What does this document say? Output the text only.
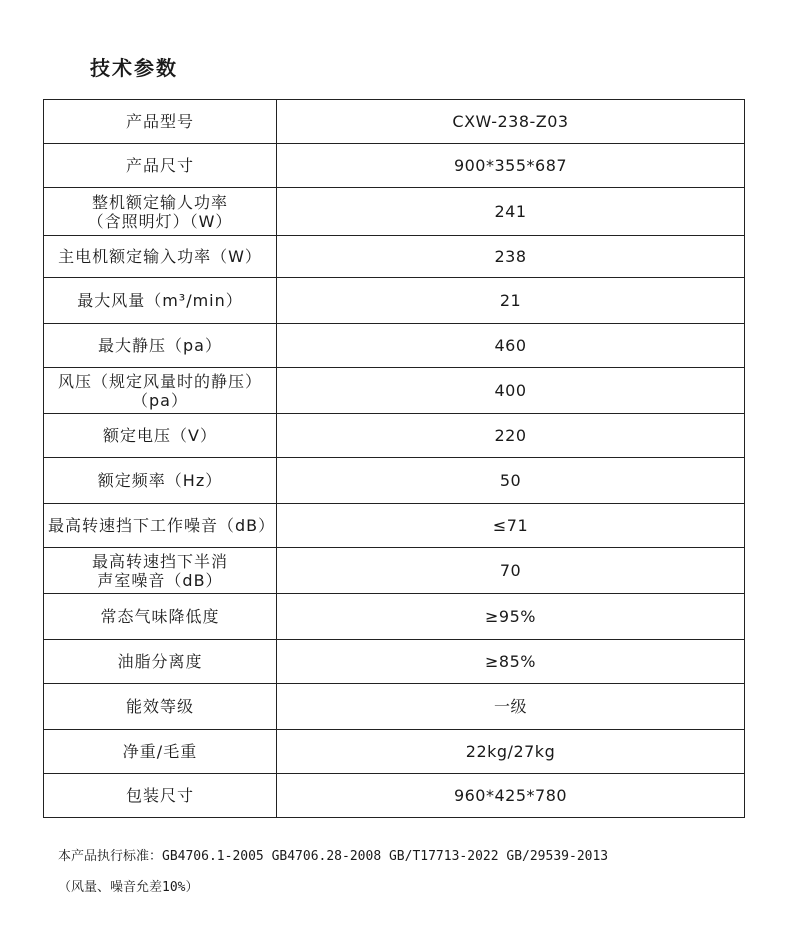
技术参数
产品型号	CXW-238-Z03
产品尺寸	900*355*687
整机额定输人功率
（含照明灯）（W）	241
主电机额定输入功率（W）	238
最大风量（m³/min）	21
最大静压（pa）	460
风压（规定风量时的静压）
（pa）	400
额定电压（V）	220
额定频率（Hz）	50
最高转速挡下工作噪音（dB）	≤71
最高转速挡下半消
声室噪音（dB）	70
常态气味降低度	≥95%
油脂分离度	≥85%
能效等级	一级
净重/毛重	22kg/27kg
包装尺寸	960*425*780

本产品执行标准：GB4706.1-2005 GB4706.28-2008 GB/T17713-2022 GB/29539-2013

（风量、噪音允差10%）
